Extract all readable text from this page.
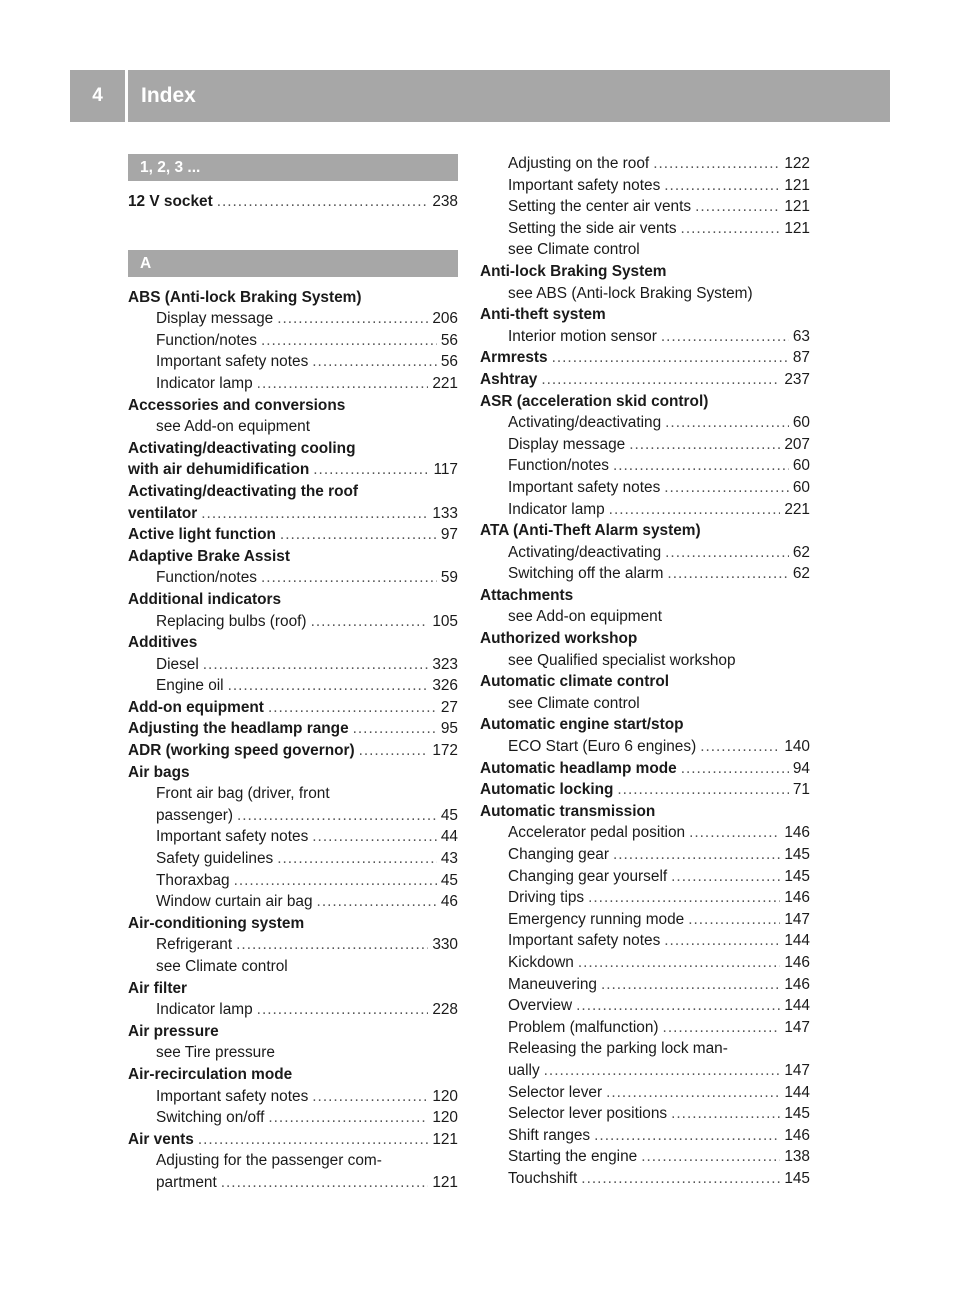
4	Index
1, 2, 3 ...
12 V socket .....	238
A
ABS (Anti-lock Braking System)
Display message .....	206
Function/notes .....	56
Important safety notes .....	56
Indicator lamp .....	221
Accessories and conversions
see Add-on equipment
Activating/deactivating cooling
with air dehumidification .....	117
Activating/deactivating the roof
ventilator .....	133
Active light function .....	97
Adaptive Brake Assist
Function/notes .....	59
Additional indicators
Replacing bulbs (roof) .....	105
Additives
Diesel .....	323
Engine oil .....	326
Add-on equipment .....	27
Adjusting the headlamp range .....	95
ADR (working speed governor) .....	172
Air bags
Front air bag (driver, front
passenger) .....	45
Important safety notes .....	44
Safety guidelines .....	43
Thoraxbag .....	45
Window curtain air bag .....	46
Air-conditioning system
Refrigerant .....	330
see Climate control
Air filter
Indicator lamp .....	228
Air pressure
see Tire pressure
Air-recirculation mode
Important safety notes .....	120
Switching on/off .....	120
Air vents .....	121
Adjusting for the passenger com-
partment .....	121
Adjusting on the roof .....	122
Important safety notes .....	121
Setting the center air vents .....	121
Setting the side air vents .....	121
see Climate control
Anti-lock Braking System
see ABS (Anti-lock Braking System)
Anti-theft system
Interior motion sensor .....	63
Armrests .....	87
Ashtray .....	237
ASR (acceleration skid control)
Activating/deactivating .....	60
Display message .....	207
Function/notes .....	60
Important safety notes .....	60
Indicator lamp .....	221
ATA (Anti-Theft Alarm system)
Activating/deactivating .....	62
Switching off the alarm .....	62
Attachments
see Add-on equipment
Authorized workshop
see Qualified specialist workshop
Automatic climate control
see Climate control
Automatic engine start/stop
ECO Start (Euro 6 engines) .....	140
Automatic headlamp mode .....	94
Automatic locking .....	71
Automatic transmission
Accelerator pedal position .....	146
Changing gear .....	145
Changing gear yourself .....	145
Driving tips .....	146
Emergency running mode .....	147
Important safety notes .....	144
Kickdown .....	146
Maneuvering .....	146
Overview .....	144
Problem (malfunction) .....	147
Releasing the parking lock man-
ually .....	147
Selector lever .....	144
Selector lever positions .....	145
Shift ranges .....	146
Starting the engine .....	138
Touchshift .....	145
